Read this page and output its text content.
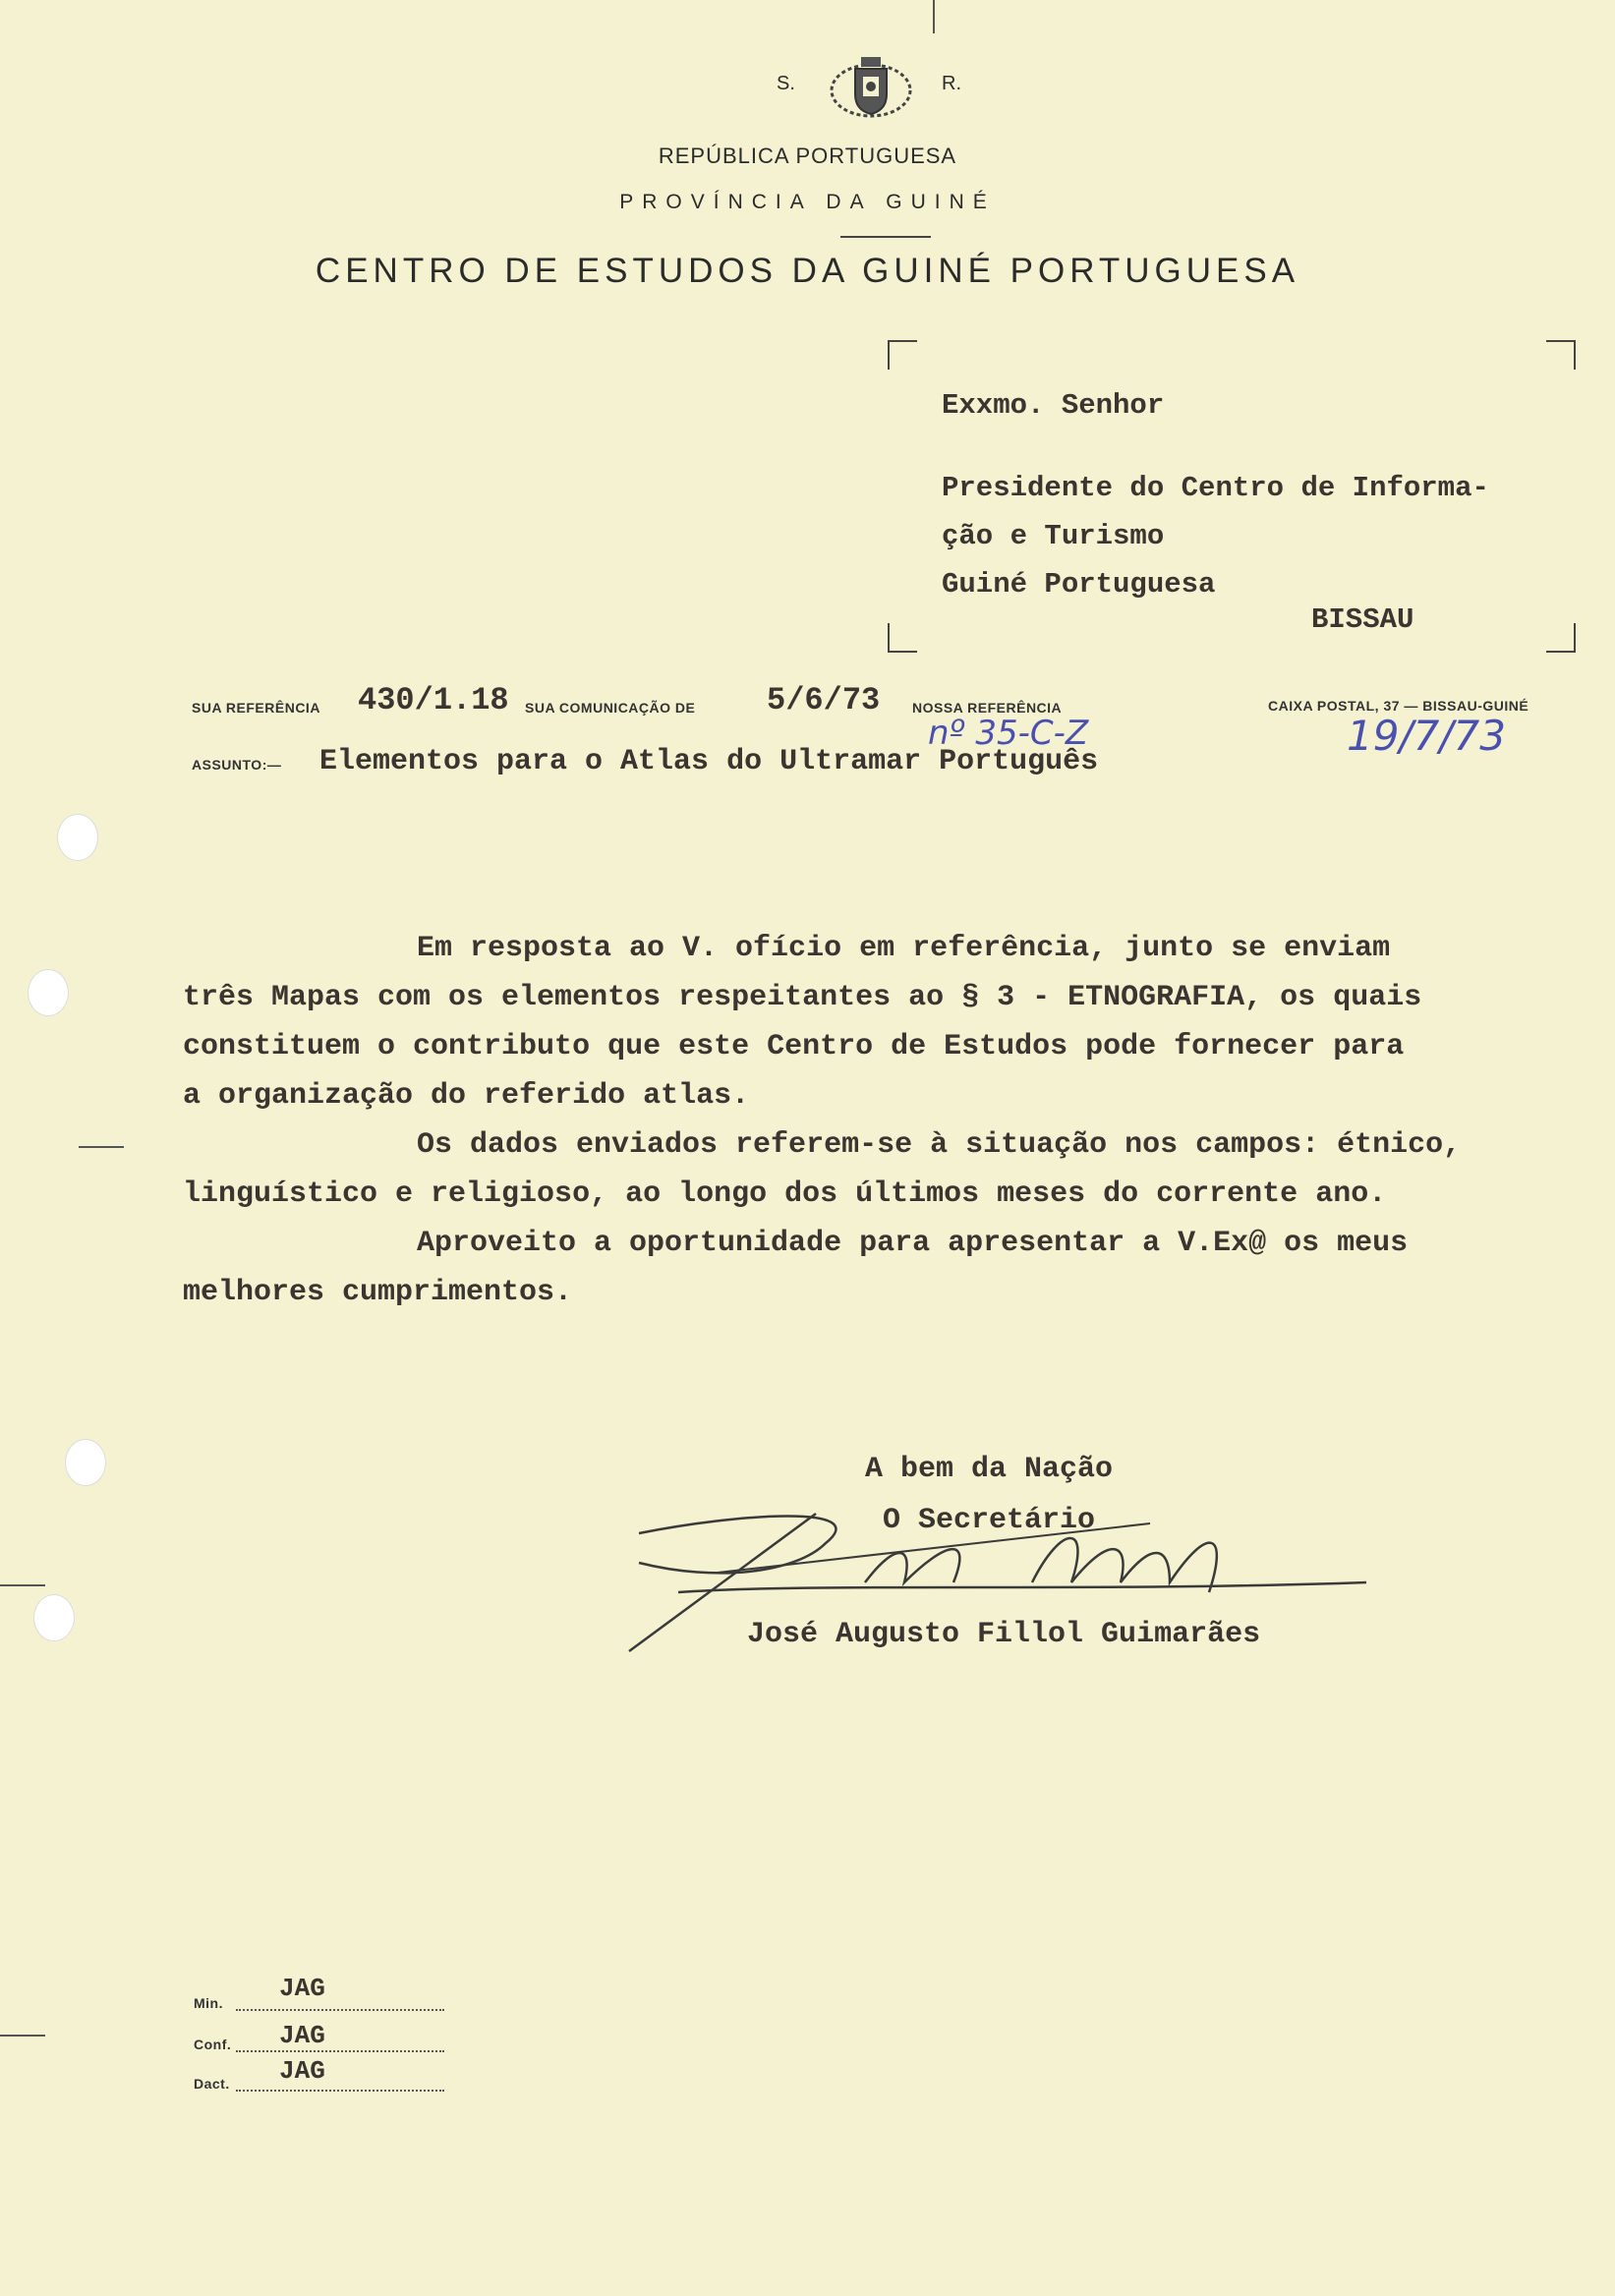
S.	R.
REPÚBLICA PORTUGUESA
PROVÍNCIA DA GUINÉ
CENTRO DE ESTUDOS DA GUINÉ PORTUGUESA
Exxmo. Senhor
Presidente do Centro de Informa-
ção e Turismo
Guiné Portuguesa
BISSAU
SUA REFERÊNCIA 430/1.18 SUA COMUNICAÇÃO DE 5/6/73 NOSSA REFERÊNCIA
nº 35-C-Z
CAIXA POSTAL, 37 — BISSAU-GUINÉ
19/7/73
ASSUNTO:— Elementos para o Atlas do Ultramar Português
Em resposta ao V. ofício em referência, junto se enviam
três Mapas com os elementos respeitantes ao § 3 - ETNOGRAFIA, os quais
constituem o contributo que este Centro de Estudos pode fornecer para
a organização do referido atlas.
Os dados enviados referem-se à situação nos campos: étnico,
linguístico e religioso, ao longo dos últimos meses do corrente ano.
Aproveito a oportunidade para apresentar a V.Ex@ os meus
melhores cumprimentos.
A bem da Nação
O Secretário
José Augusto Fillol Guimarães
Min. JAG
Conf. JAG
Dact. JAG
